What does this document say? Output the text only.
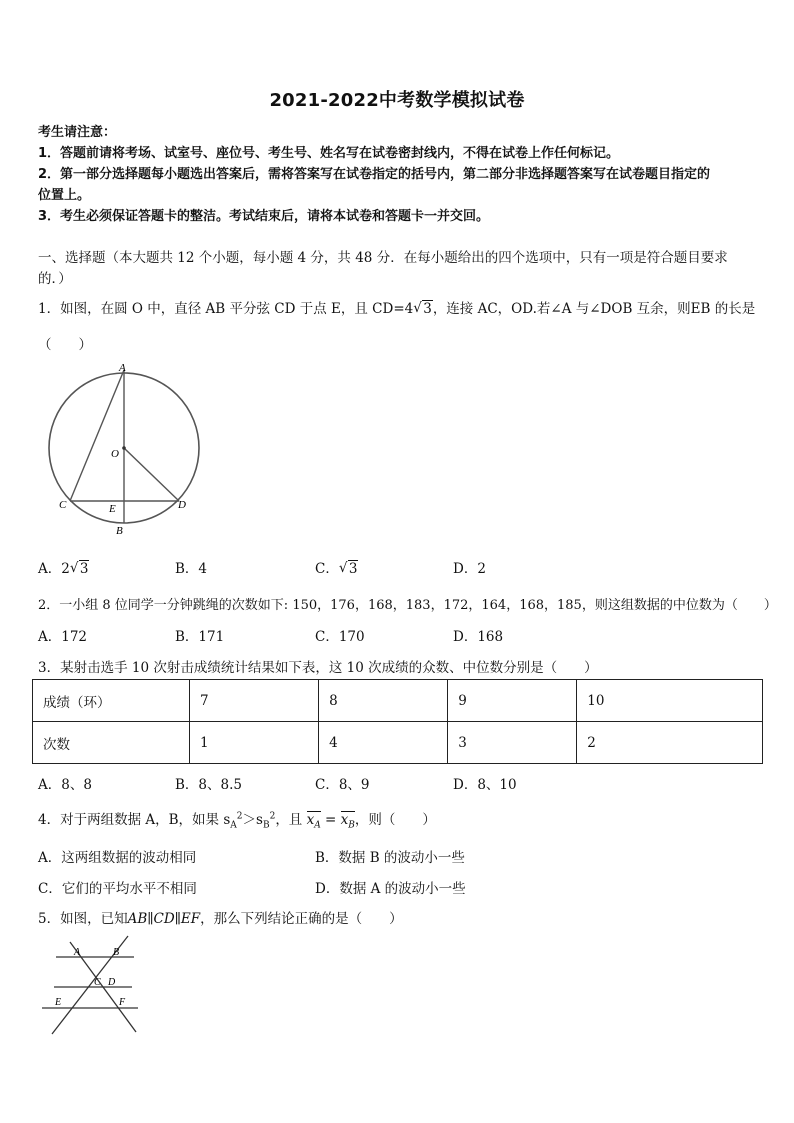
2021-2022中考数学模拟试卷
考生请注意：
1．答题前请将考场、试室号、座位号、考生号、姓名写在试卷密封线内，不得在试卷上作任何标记。
2．第一部分选择题每小题选出答案后，需将答案写在试卷指定的括号内，第二部分非选择题答案写在试卷题目指定的
位置上。
3．考生必须保证答题卡的整洁。考试结束后，请将本试卷和答题卡一并交回。
一、选择题（本大题共 12 个小题，每小题 4 分，共 48 分．在每小题给出的四个选项中，只有一项是符合题目要求
的．）
1．如图，在圆 O 中，直径 AB 平分弦 CD 于点 E，且 CD=4 √ 3，连接 AC，OD.若∠A 与∠DOB 互余，则EB 的长是
（　　）
A
O
C	E	D
B
A．2 √ 3	B．4	C． √ 3	D．2
2．一小组 8 位同学一分钟跳绳的次数如下: 150，176，168，183，172，164，168，185，则这组数据的中位数为（　　）
A．172	B．171	C．170	D．168
3．某射击选手 10 次射击成绩统计结果如下表，这 10 次成绩的众数、中位数分别是（　　）
成绩（环）	7	8	9	10
次数	1	4	3	2
A．8、8	B．8、8.5	C．8、9	D．8、10
4．对于两组数据 A，B，如果 $s_A^2>s_B^2$，且 $x_A = x_B$，则（　　）
A．这两组数据的波动相同	B．数据 B 的波动小一些
C．它们的平均水平不相同	D．数据 A 的波动小一些
5．如图，已知AB∥CD∥EF，那么下列结论正确的是（　　）
A	B
C D
E	F
